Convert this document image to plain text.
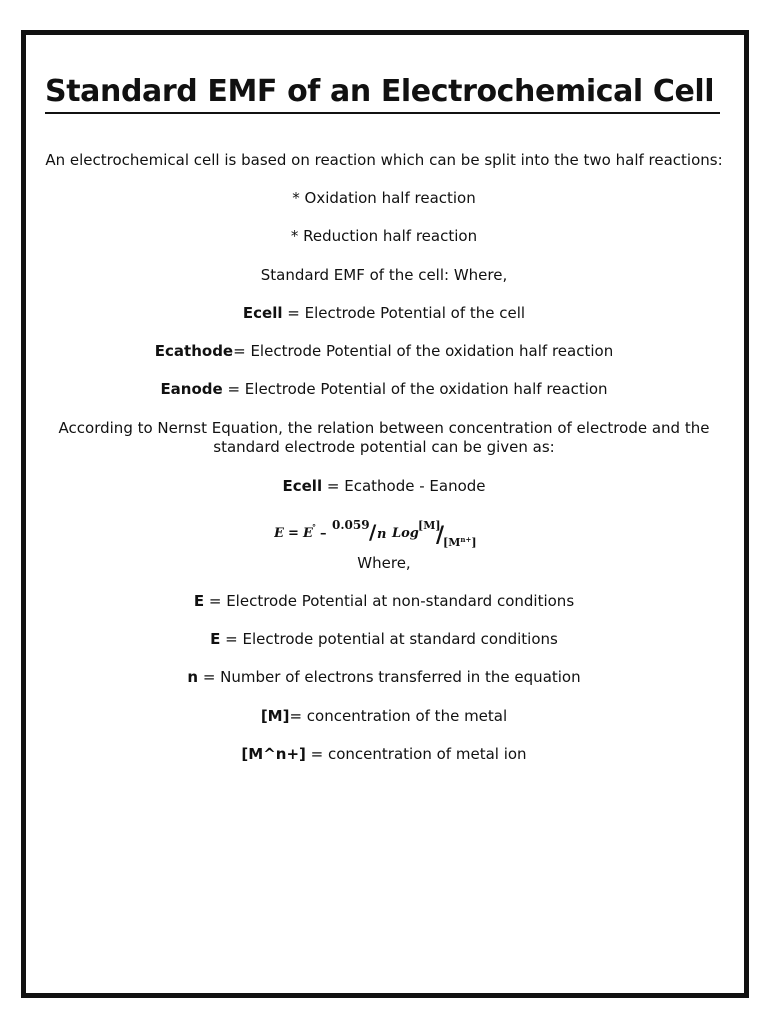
Standard EMF of an Electrochemical Cell
An electrochemical cell is based on reaction which can be split into the two half reactions:
* Oxidation half reaction
* Reduction half reaction
Standard EMF of the cell: Where,
Ecell = Electrode Potential of the cell
Ecathode= Electrode Potential of the oxidation half reaction
Eanode = Electrode Potential of the oxidation half reaction
According to Nernst Equation, the relation between concentration of electrode and the
standard electrode potential can be given as:
Ecell = Ecathode - Eanode
E = E ° –
0.059 / n Log
[M]
/
$[M^{n+}]$
Where,
E = Electrode Potential at non-standard conditions
E = Electrode potential at standard conditions
n = Number of electrons transferred in the equation
[M]= concentration of the metal
[M^n+] = concentration of metal ion
